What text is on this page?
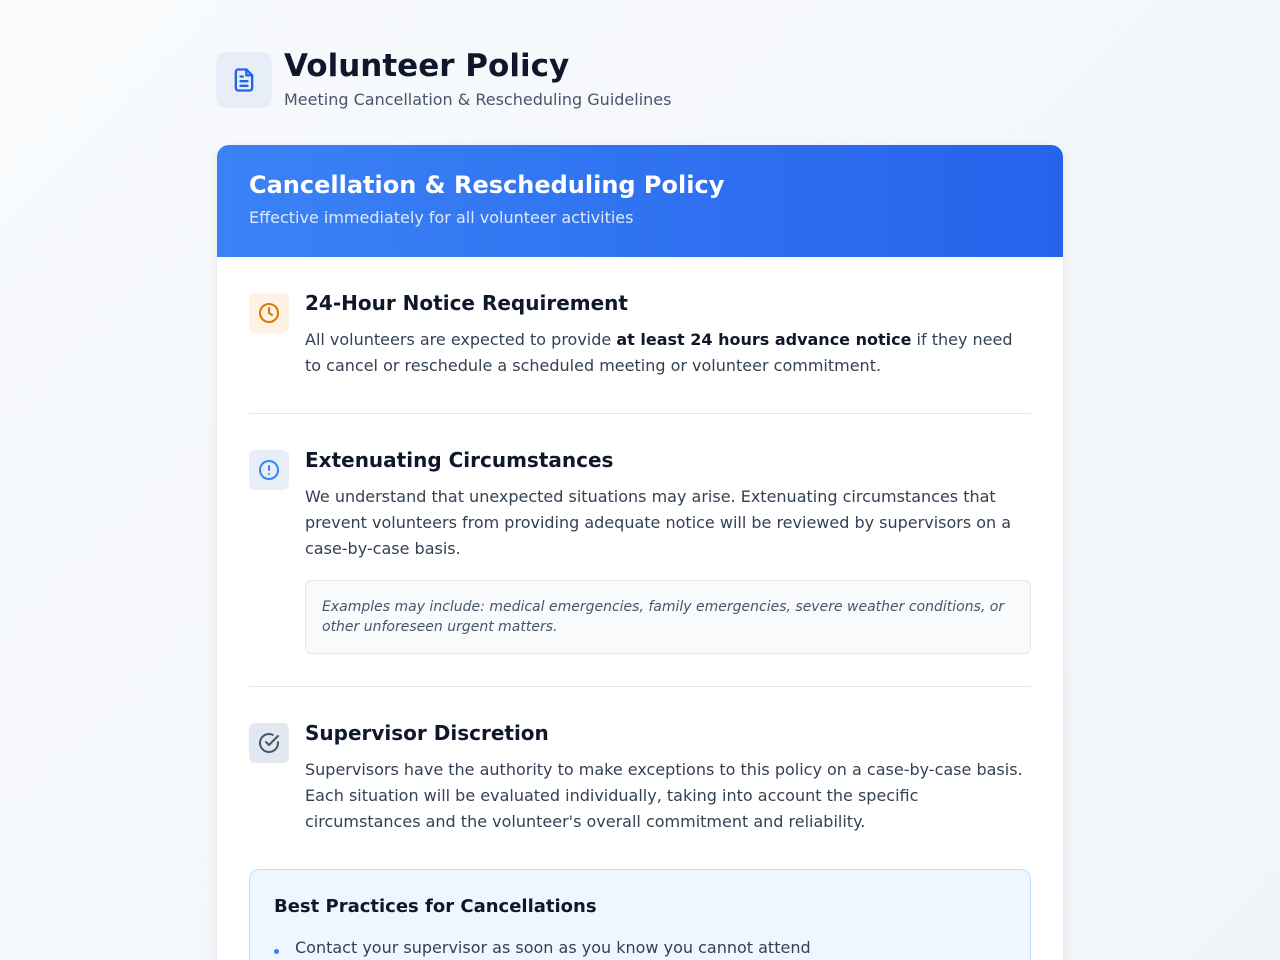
Volunteer Policy
Meeting Cancellation & Rescheduling Guidelines
Cancellation & Rescheduling Policy
Effective immediately for all volunteer activities
24-Hour Notice Requirement
All volunteers are expected to provide at least 24 hours advance notice if they need to cancel or reschedule a scheduled meeting or volunteer commitment.
Extenuating Circumstances
We understand that unexpected situations may arise. Extenuating circumstances that prevent volunteers from providing adequate notice will be reviewed by supervisors on a case-by-case basis.
Examples may include: medical emergencies, family emergencies, severe weather conditions, or other unforeseen urgent matters.
Supervisor Discretion
Supervisors have the authority to make exceptions to this policy on a case-by-case basis. Each situation will be evaluated individually, taking into account the specific circumstances and the volunteer's overall commitment and reliability.
Best Practices for Cancellations
Contact your supervisor as soon as you know you cannot attend
